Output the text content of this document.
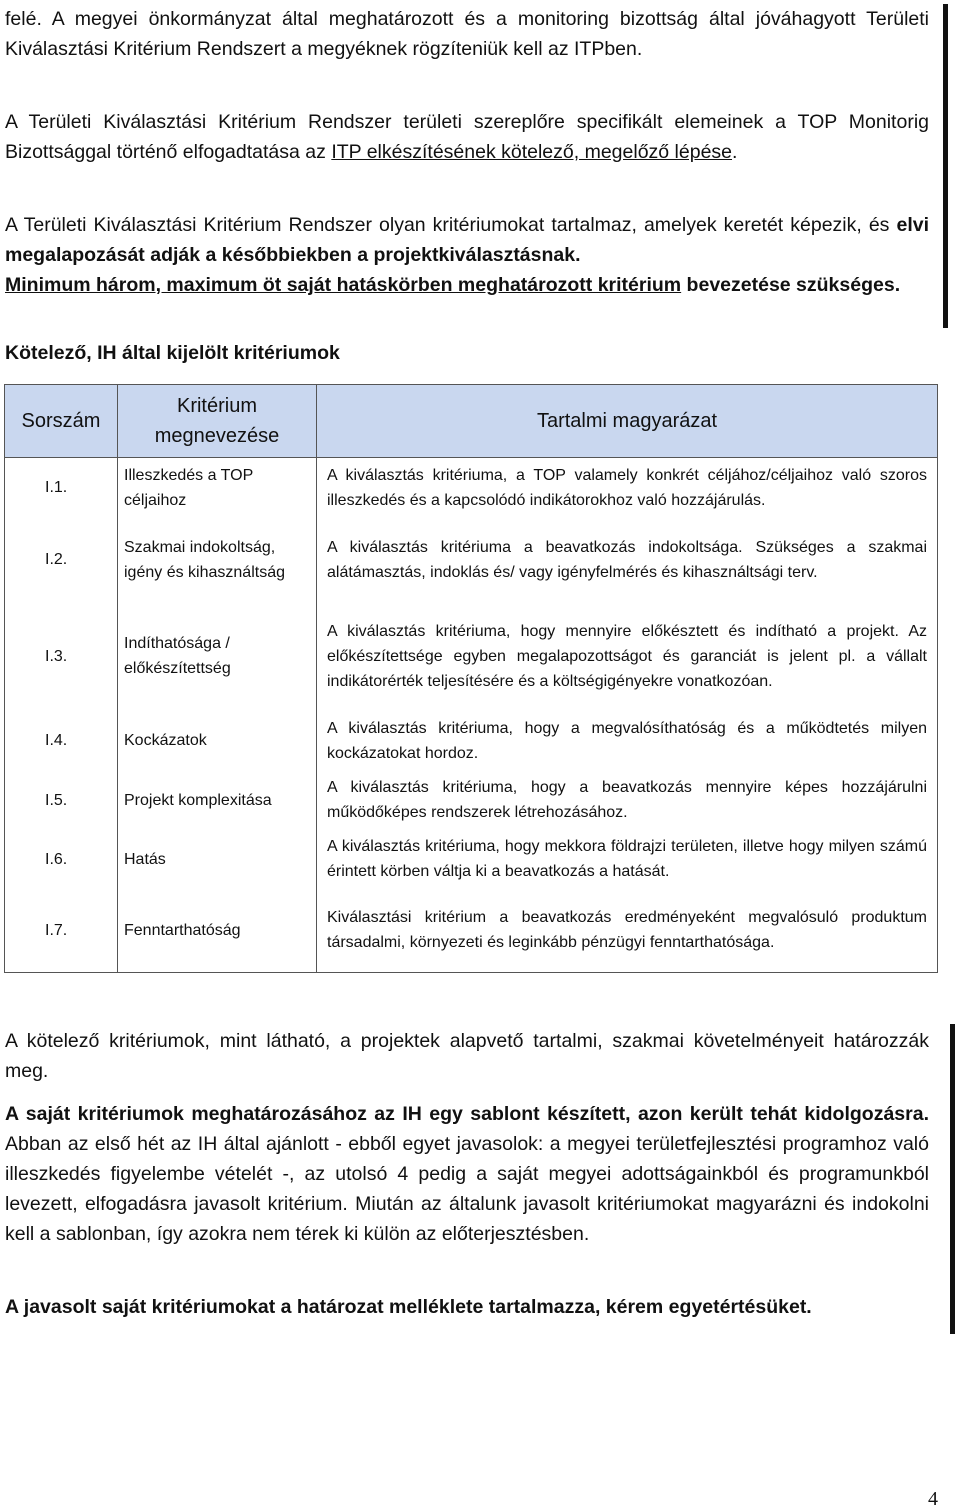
felé. A megyei önkormányzat által meghatározott és a monitoring bizottság által jóváhagyott Területi Kiválasztási Kritérium Rendszert a megyéknek rögzíteniük kell az ITPben.

A Területi Kiválasztási Kritérium Rendszer területi szereplőre specifikált elemeinek a TOP Monitorig Bizottsággal történő elfogadtatása az ITP elkészítésének kötelező, megelőző lépése.

A Területi Kiválasztási Kritérium Rendszer olyan kritériumokat tartalmaz, amelyek keretét képezik, és elvi megalapozását adják a későbbiekben a projektkiválasztásnak.

Minimum három, maximum öt saját hatáskörben meghatározott kritérium bevezetése szükséges.

Kötelező, IH által kijelölt kritériumok

Sorszám	Kritérium megnevezése	Tartalmi magyarázat
I.1.	Illeszkedés a TOP céljaihoz	A kiválasztás kritériuma, a TOP valamely konkrét céljához/céljaihoz való szoros illeszkedés és a kapcsolódó indikátorokhoz való hozzájárulás.
I.2.	Szakmai indokoltság, igény és kihasználtság	A kiválasztás kritériuma a beavatkozás indokoltsága. Szükséges a szakmai alátámasztás, indoklás és/ vagy igényfelmérés és kihasználtsági terv.
I.3.	Indíthatósága / előkészítettség	A kiválasztás kritériuma, hogy mennyire előkésztett és indítható a projekt. Az előkészítettsége egyben megalapozottságot és garanciát is jelent pl. a vállalt indikátorérték teljesítésére és a költségigényekre vonatkozóan.
I.4.	Kockázatok	A kiválasztás kritériuma, hogy a megvalósíthatóság és a működtetés milyen kockázatokat hordoz.
I.5.	Projekt komplexitása	A kiválasztás kritériuma, hogy a beavatkozás mennyire képes hozzájárulni működőképes rendszerek létrehozásához.
I.6.	Hatás	A kiválasztás kritériuma, hogy mekkora földrajzi területen, illetve hogy milyen számú érintett körben váltja ki a beavatkozás a hatását.
I.7.	Fenntarthatóság	Kiválasztási kritérium a beavatkozás eredményeként megvalósuló produktum társadalmi, környezeti és leginkább pénzügyi fenntarthatósága.

A kötelező kritériumok, mint látható, a projektek alapvető tartalmi, szakmai követelményeit határozzák meg.

A saját kritériumok meghatározásához az IH egy sablont készített, azon került tehát kidolgozásra. Abban az első hét az IH által ajánlott - ebből egyet javasolok: a megyei területfejlesztési programhoz való illeszkedés figyelembe vételét -, az utolsó 4 pedig a saját megyei adottságainkból és programunkból levezett, elfogadásra javasolt kritérium. Miután az általunk javasolt kritériumokat magyarázni és indokolni kell a sablonban, így azokra nem térek ki külön az előterjesztésben.

A javasolt saját kritériumokat a határozat melléklete tartalmazza, kérem egyetértésüket.

4
